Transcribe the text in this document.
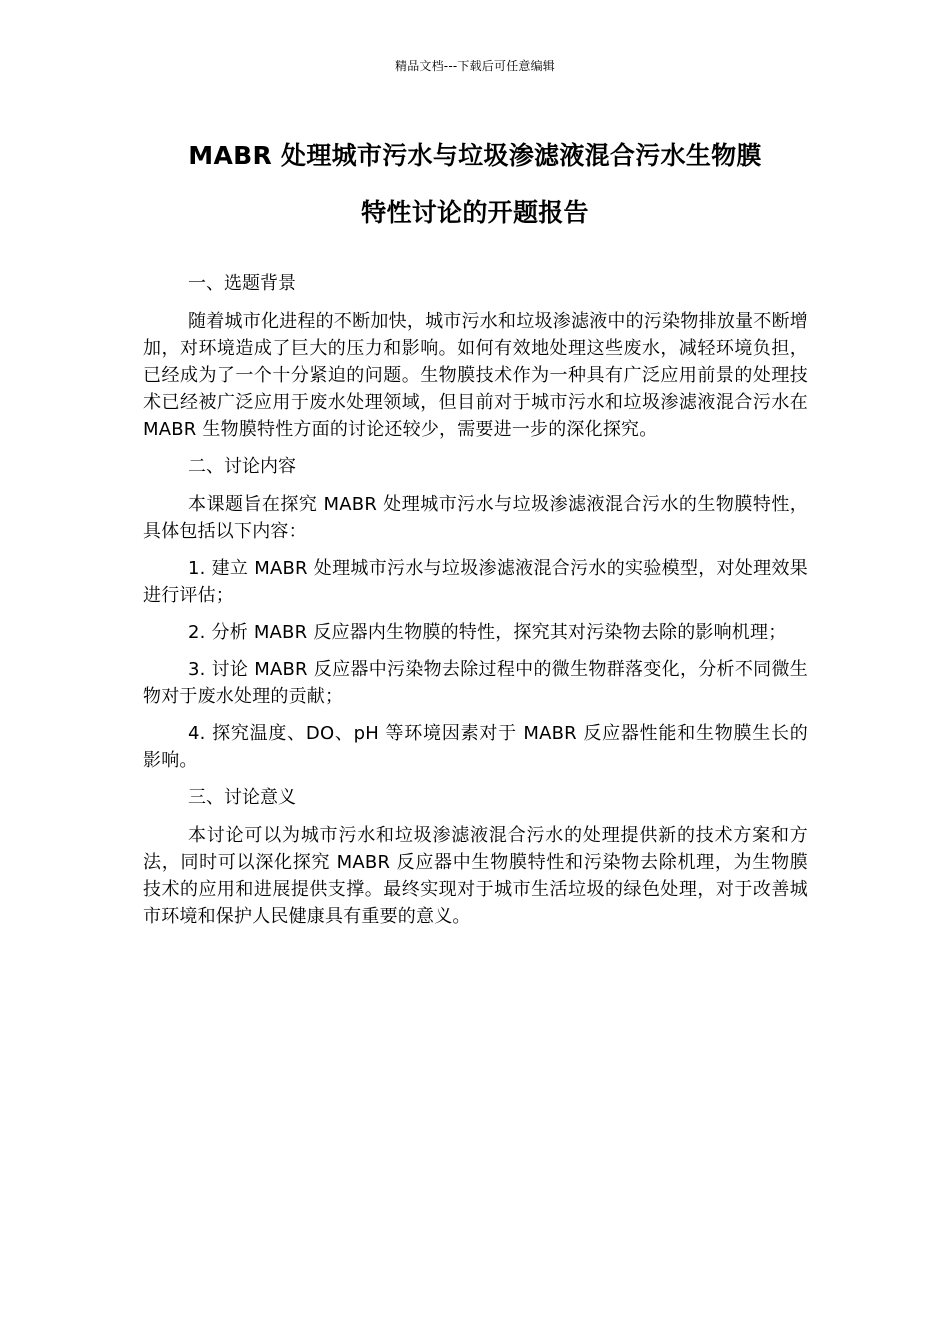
精品文档---下载后可任意编辑
MABR 处理城市污水与垃圾渗滤液混合污水生物膜
特性讨论的开题报告

一、选题背景

随着城市化进程的不断加快，城市污水和垃圾渗滤液中的污染物排放量不断增加，对环境造成了巨大的压力和影响。如何有效地处理这些废水，减轻环境负担，已经成为了一个十分紧迫的问题。生物膜技术作为一种具有广泛应用前景的处理技术已经被广泛应用于废水处理领域，但目前对于城市污水和垃圾渗滤液混合污水在 MABR 生物膜特性方面的讨论还较少，需要进一步的深化探究。

二、讨论内容

本课题旨在探究 MABR 处理城市污水与垃圾渗滤液混合污水的生物膜特性，具体包括以下内容：

1. 建立 MABR 处理城市污水与垃圾渗滤液混合污水的实验模型，对处理效果进行评估；

2. 分析 MABR 反应器内生物膜的特性，探究其对污染物去除的影响机理；

3. 讨论 MABR 反应器中污染物去除过程中的微生物群落变化，分析不同微生物对于废水处理的贡献；

4. 探究温度、DO、pH 等环境因素对于 MABR 反应器性能和生物膜生长的影响。

三、讨论意义

本讨论可以为城市污水和垃圾渗滤液混合污水的处理提供新的技术方案和方法，同时可以深化探究 MABR 反应器中生物膜特性和污染物去除机理，为生物膜技术的应用和进展提供支撑。最终实现对于城市生活垃圾的绿色处理，对于改善城市环境和保护人民健康具有重要的意义。
